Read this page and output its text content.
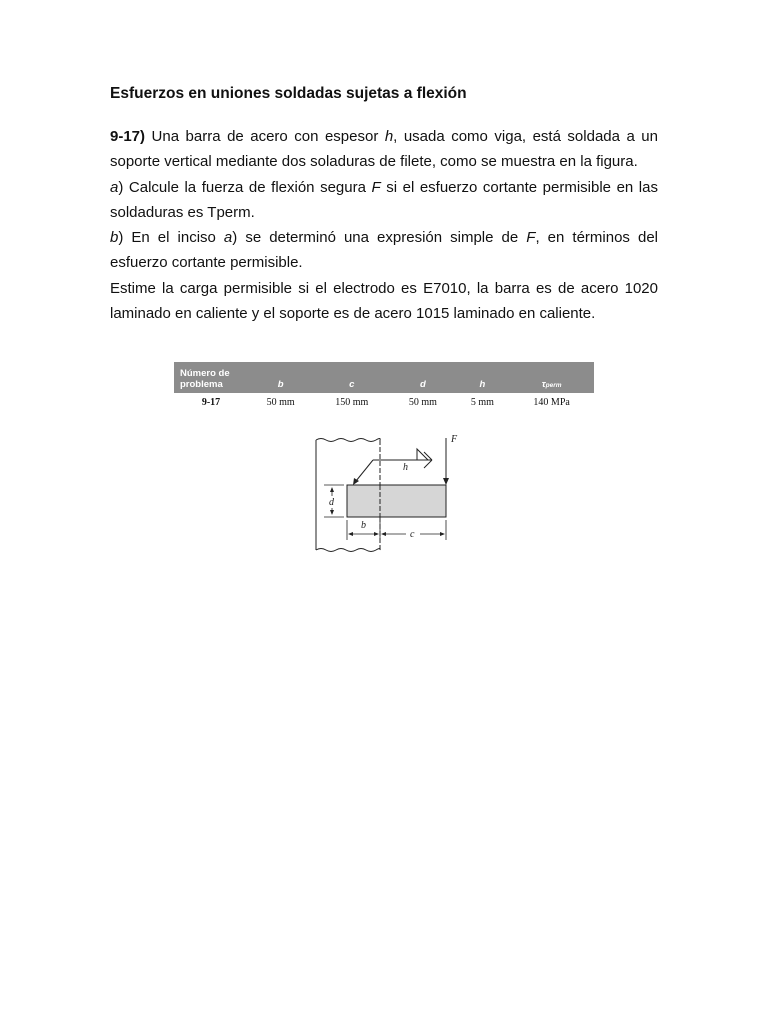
Esfuerzos en uniones soldadas sujetas a flexión

9-17) Una barra de acero con espesor h, usada como viga, está soldada a un soporte vertical mediante dos soladuras de filete, como se muestra en la figura.

a) Calcule la fuerza de flexión segura F si el esfuerzo cortante permisible en las soldaduras es Tperm.

b) En el inciso a) se determinó una expresión simple de F, en términos del esfuerzo cortante permisible.

Estime la carga permisible si el electrodo es E7010, la barra es de acero 1020 laminado en caliente y el soporte es de acero 1015 laminado en caliente.

Número de
problema	b	c	d	h	τperm
9-17	50 mm	150 mm	50 mm	5 mm	140 MPa
F
h
d
b
c
